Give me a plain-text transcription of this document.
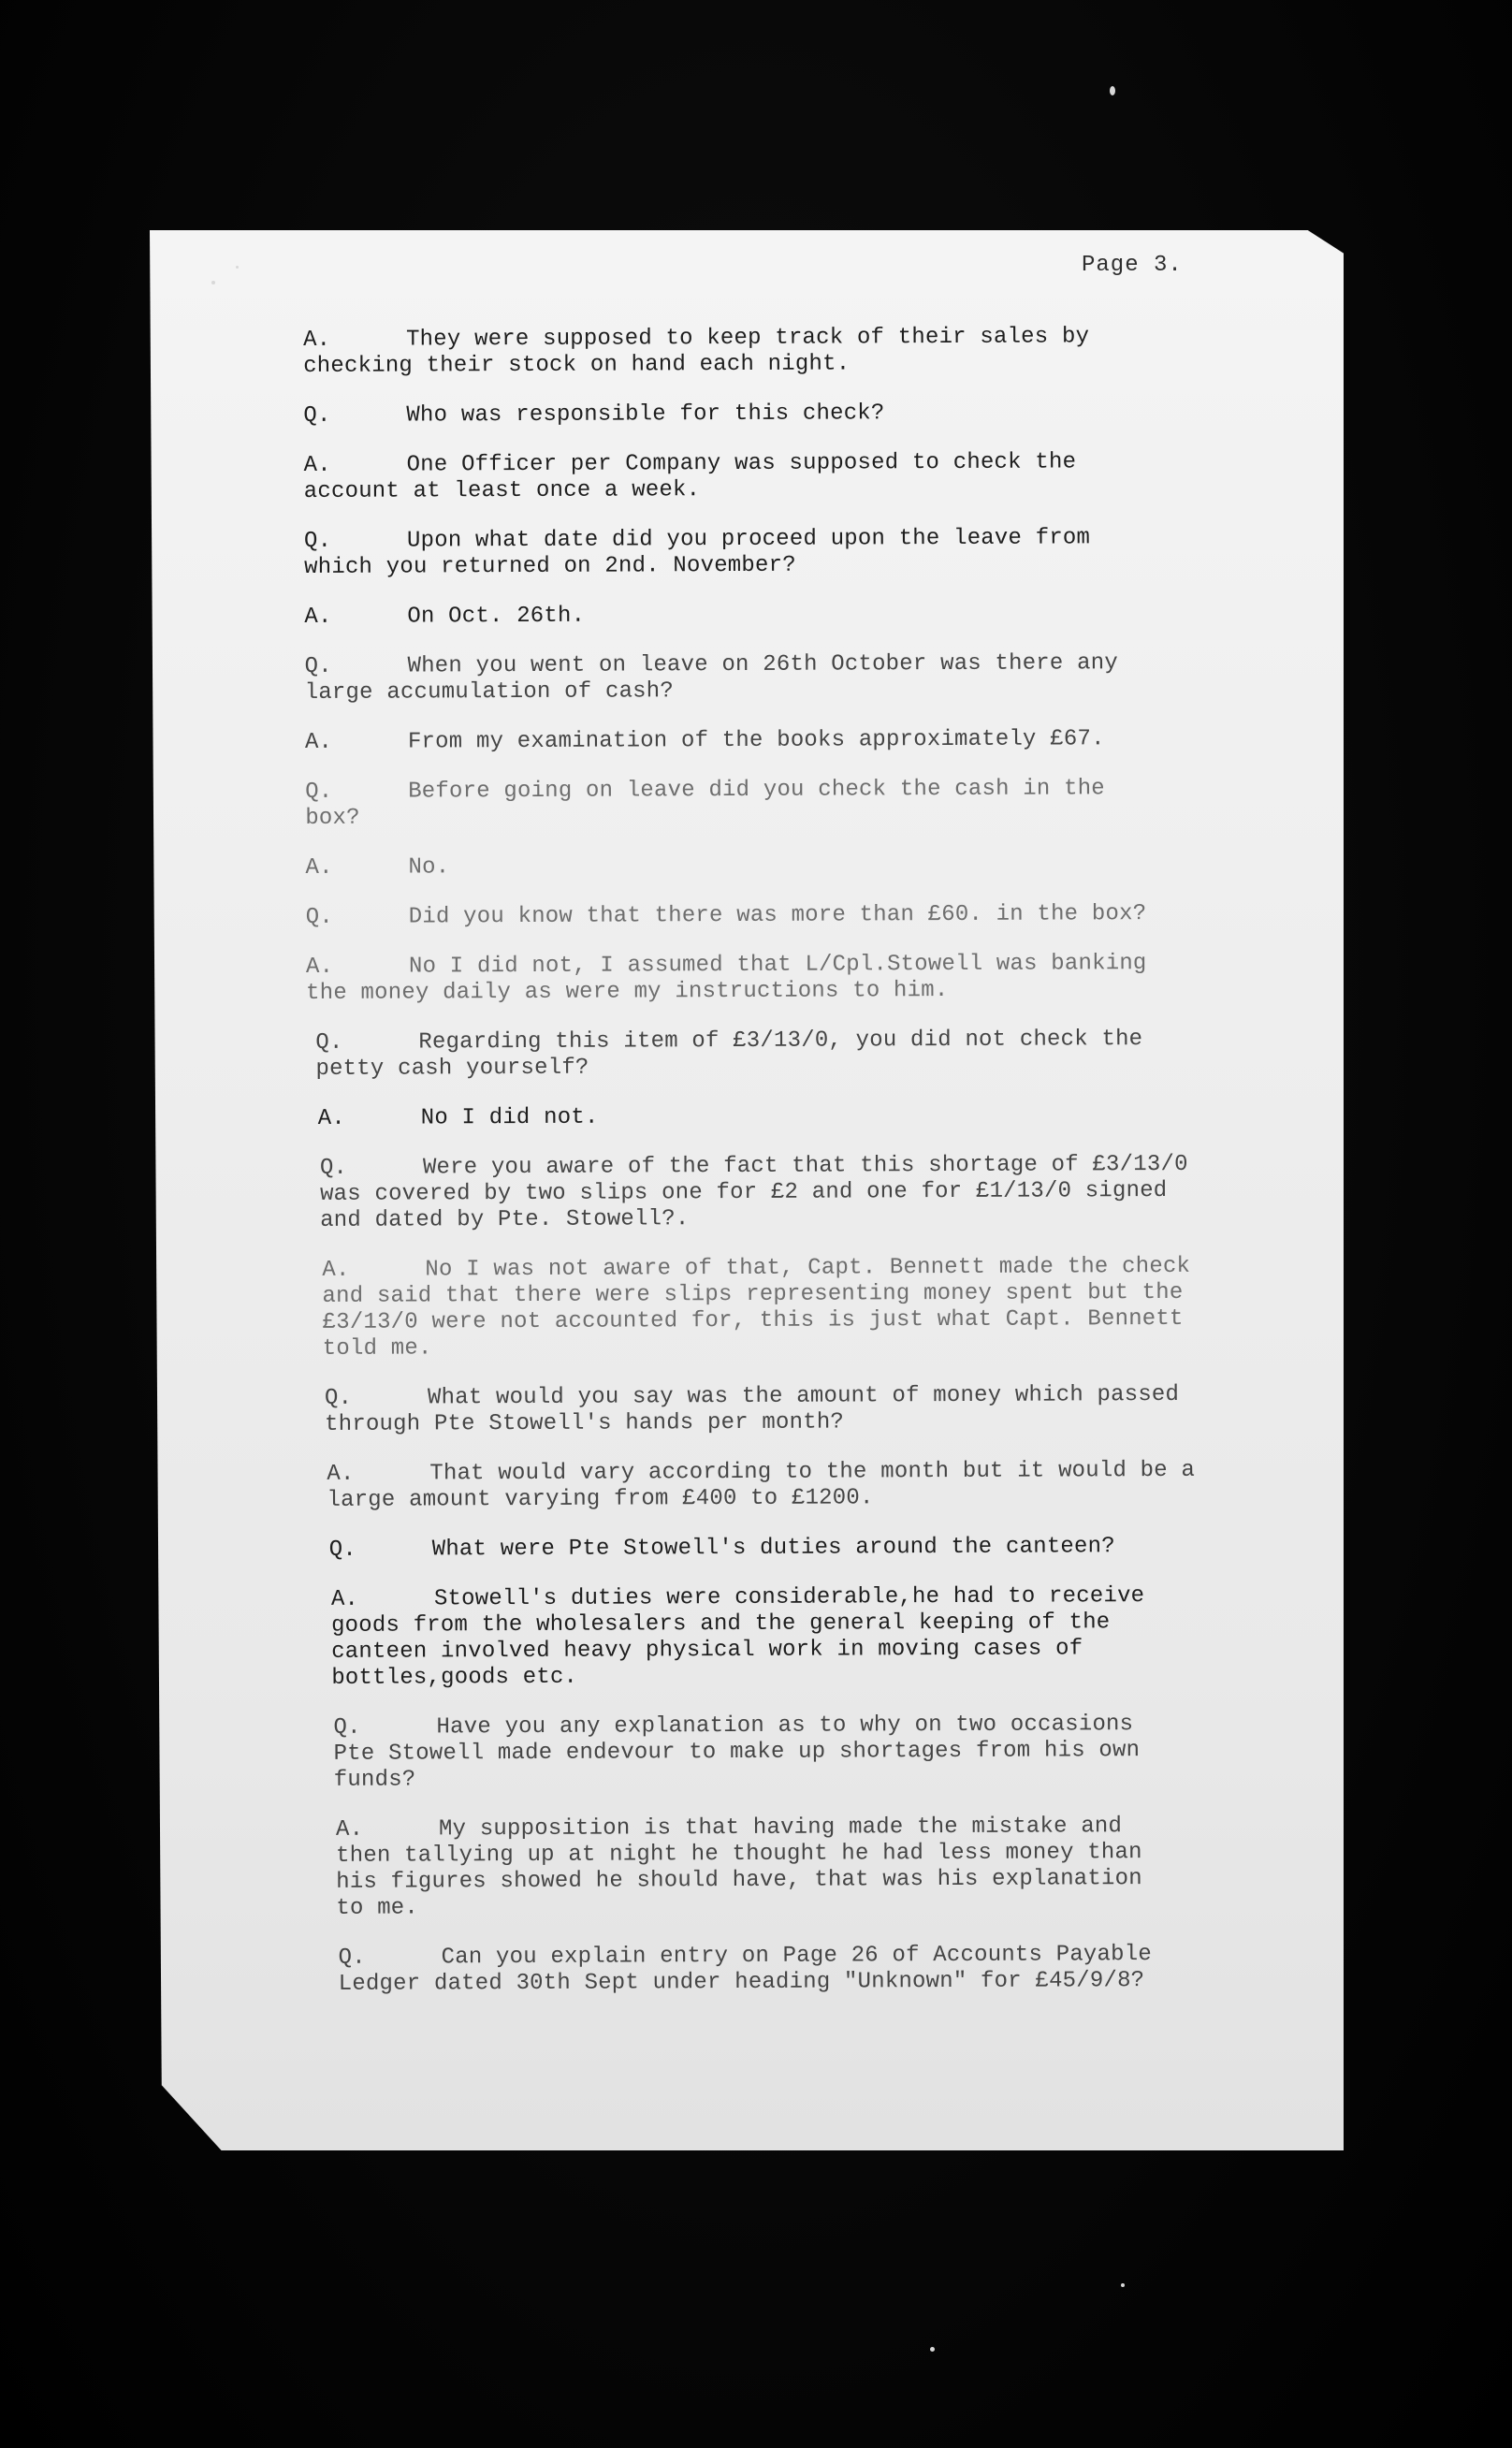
Page 3.
A.	They were supposed to keep track of their sales by
checking their stock on hand each night.
Q.	Who was responsible for this check?
A.	One Officer per Company was supposed to check the
account at least once a week.
Q.	Upon what date did you proceed upon the leave from
which you returned on 2nd. November?
A.	On Oct. 26th.
Q.	When you went on leave on 26th October was there any
large accumulation of cash?
A.	From my examination of the books approximately £67.
Q.	Before going on leave did you check the cash in the
box?
A.	No.
Q.	Did you know that there was more than £60. in the box?
A.	No I did not, I assumed that L/Cpl.Stowell was banking
the money daily as were my instructions to him.
Q.	Regarding this item of £3/13/0, you did not check the
petty cash yourself?
A.	No I did not.
Q.	Were you aware of the fact that this shortage of £3/13/0
was covered by two slips one for £2 and one for £1/13/0 signed
and dated by Pte. Stowell?.
A.	No I was not aware of that, Capt. Bennett made the check
and said that there were slips representing money spent but the
£3/13/0 were not accounted for, this is just what Capt. Bennett
told me.
Q.	What would you say was the amount of money which passed
through Pte Stowell's hands per month?
A.	That would vary according to the month but it would be a
large amount varying from £400 to £1200.
Q.	What were Pte Stowell's duties around the canteen?
A.	Stowell's duties were considerable,he had to receive
goods from the wholesalers and the general keeping of the
canteen involved heavy physical work in moving cases of
bottles,goods etc.
Q.	Have you any explanation as to why on two occasions
Pte Stowell made endevour to make up shortages from his own
funds?
A.	My supposition is that having made the mistake and
then tallying up at night he thought he had less money than
his figures showed he should have, that was his explanation
to me.
Q.	Can you explain entry on Page 26 of Accounts Payable
Ledger dated 30th Sept under heading "Unknown" for £45/9/8?
